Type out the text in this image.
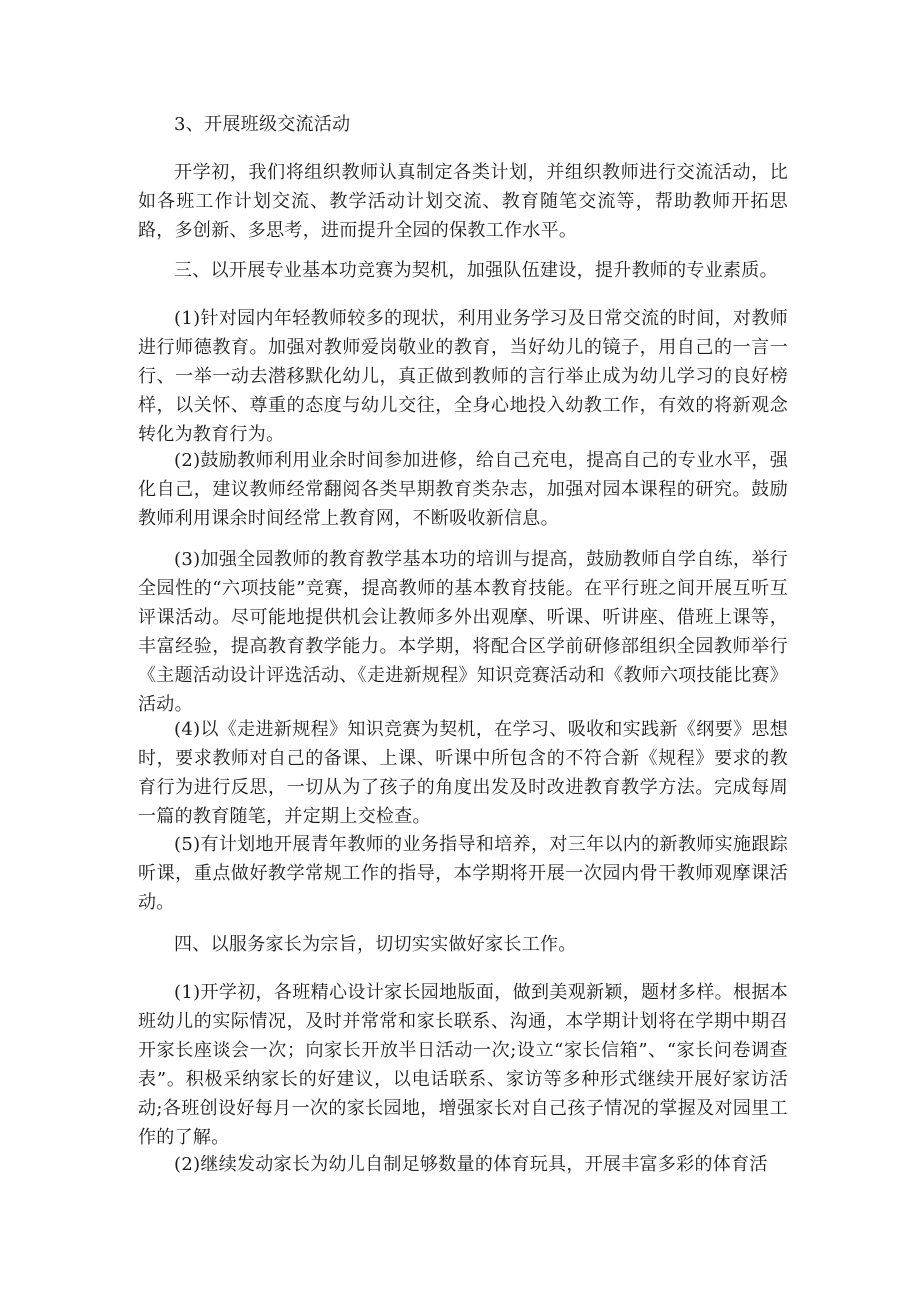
3、开展班级交流活动

开学初，我们将组织教师认真制定各类计划，并组织教师进行交流活动，比如各班工作计划交流、教学活动计划交流、教育随笔交流等，帮助教师开拓思路，多创新、多思考，进而提升全园的保教工作水平。

三、以开展专业基本功竞赛为契机，加强队伍建设，提升教师的专业素质。

(1)针对园内年轻教师较多的现状，利用业务学习及日常交流的时间，对教师进行师德教育。加强对教师爱岗敬业的教育，当好幼儿的镜子，用自己的一言一行、一举一动去潜移默化幼儿，真正做到教师的言行举止成为幼儿学习的良好榜样，以关怀、尊重的态度与幼儿交往，全身心地投入幼教工作，有效的将新观念转化为教育行为。

(2)鼓励教师利用业余时间参加进修，给自己充电，提高自己的专业水平，强化自己，建议教师经常翻阅各类早期教育类杂志，加强对园本课程的研究。鼓励教师利用课余时间经常上教育网，不断吸收新信息。

(3)加强全园教师的教育教学基本功的培训与提高，鼓励教师自学自练，举行全园性的“六项技能”竞赛，提高教师的基本教育技能。在平行班之间开展互听互评课活动。尽可能地提供机会让教师多外出观摩、听课、听讲座、借班上课等，丰富经验，提高教育教学能力。本学期，将配合区学前研修部组织全园教师举行《主题活动设计评选活动、《走进新规程》知识竞赛活动和《教师六项技能比赛》活动。

(4)以《走进新规程》知识竞赛为契机，在学习、吸收和实践新《纲要》思想时，要求教师对自己的备课、上课、听课中所包含的不符合新《规程》要求的教育行为进行反思，一切从为了孩子的角度出发及时改进教育教学方法。完成每周一篇的教育随笔，并定期上交检查。

(5)有计划地开展青年教师的业务指导和培养，对三年以内的新教师实施跟踪听课，重点做好教学常规工作的指导，本学期将开展一次园内骨干教师观摩课活动。

四、以服务家长为宗旨，切切实实做好家长工作。

(1)开学初，各班精心设计家长园地版面，做到美观新颖，题材多样。根据本班幼儿的实际情况，及时并常常和家长联系、沟通，本学期计划将在学期中期召开家长座谈会一次；向家长开放半日活动一次;设立“家长信箱”、“家长问卷调查表”。积极采纳家长的好建议，以电话联系、家访等多种形式继续开展好家访活动;各班创设好每月一次的家长园地，增强家长对自己孩子情况的掌握及对园里工作的了解。

(2)继续发动家长为幼儿自制足够数量的体育玩具，开展丰富多彩的体育活
